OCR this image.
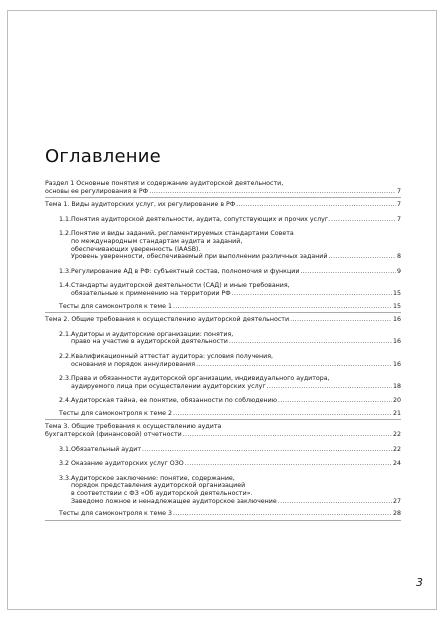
Оглавление
Раздел 1 Основные понятия и содержание аудиторской деятельности,
основы ее регулирования в РФ .....	7
Тема 1. Виды аудиторских услуг, их регулирование в РФ .....	7
1.1. Понятия аудиторской деятельности, аудита, сопутствующих и прочих услуг. .....	7
1.2. Понятие и виды заданий, регламентируемых стандартами Совета
по международным стандартам аудита и заданий,
обеспечивающих уверенность (IAASB).
Уровень уверенности, обеспечиваемый при выполнении различных заданий .....	8
1.3. Регулирование АД в РФ: субъектный состав, полномочия и функции .....	9
1.4. Стандарты аудиторской деятельности (САД) и иные требования,
обязательные к применению на территории РФ .....	15
Тесты для самоконтроля к теме 1 .....	15
Тема 2. Общие требования к осуществлению аудиторской деятельности .....	16
2.1. Аудиторы и аудиторские организации: понятия,
право на участие в аудиторской деятельности .....	16
2.2. Квалификационный аттестат аудитора: условия получения,
основания и порядок аннулирования .....	16
2.3. Права и обязанности аудиторской организации, индивидуального аудитора,
аудируемого лица при осуществлении аудиторских услуг .....	18
2.4. Аудиторская тайна, ее понятие, обязанности по соблюдению .....	20
Тесты для самоконтроля к теме 2 .....	21
Тема 3. Общие требования к осуществлению аудита
бухгалтерской (финансовой) отчетности .....	22
3.1. Обязательный аудит .....	22
3.2 Оказание аудиторских услуг ОЗО .....	24
3.3. Аудиторское заключение: понятие, содержание,
порядок представления аудиторской организацией
в соответствии с ФЗ «Об аудиторской деятельности».
Заведомо ложное и ненадлежащее аудиторское заключение .....	27
Тесты для самоконтроля к теме 3 .....	28
3
